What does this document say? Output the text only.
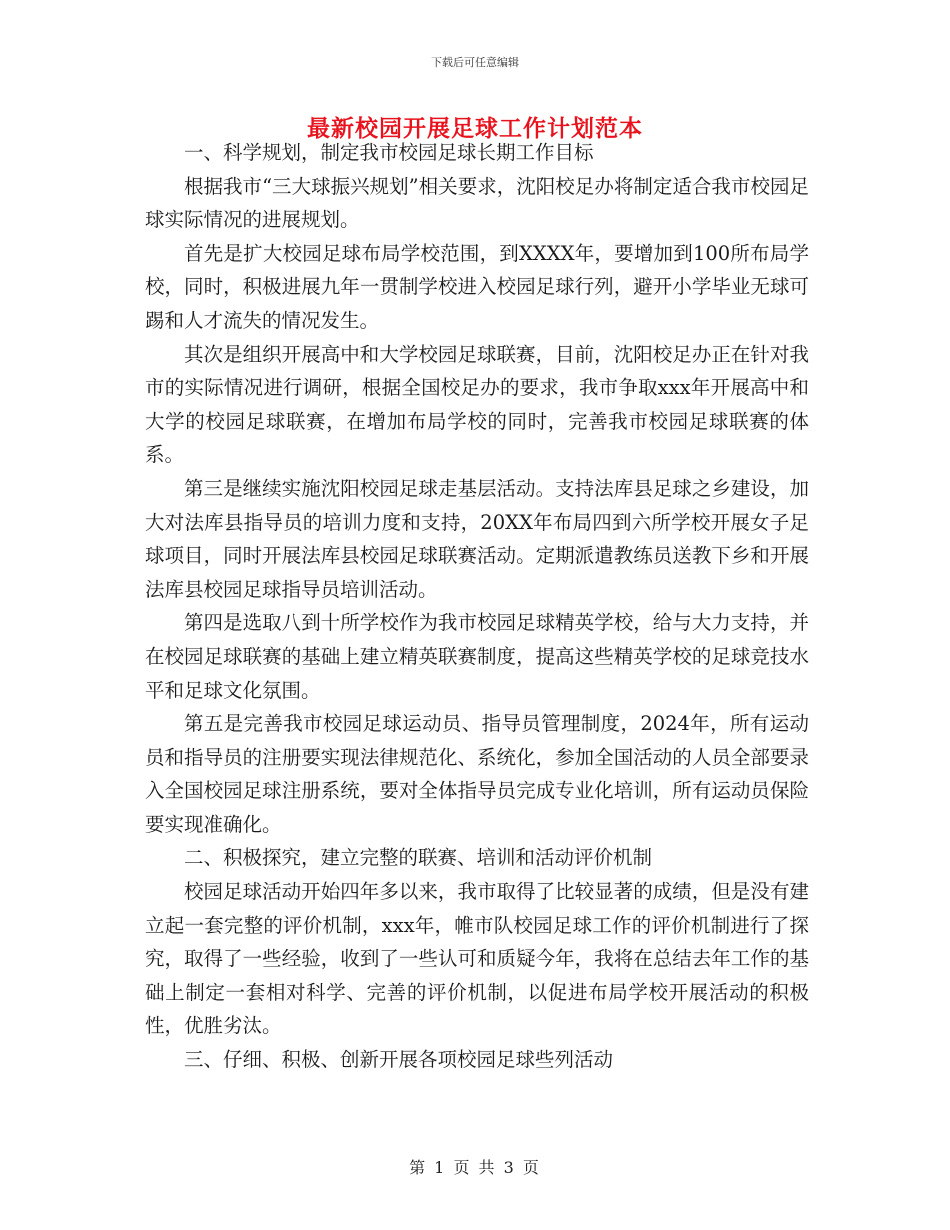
下载后可任意编辑
最新校园开展足球工作计划范本

一、科学规划，制定我市校园足球长期工作目标

根据我市“三大球振兴规划”相关要求，沈阳校足办将制定适合我市校园足球实际情况的进展规划。

首先是扩大校园足球布局学校范围，到XXXX年，要增加到100所布局学校，同时，积极进展九年一贯制学校进入校园足球行列，避开小学毕业无球可踢和人才流失的情况发生。

其次是组织开展高中和大学校园足球联赛，目前，沈阳校足办正在针对我市的实际情况进行调研，根据全国校足办的要求，我市争取xxx年开展高中和大学的校园足球联赛，在增加布局学校的同时，完善我市校园足球联赛的体系。

第三是继续实施沈阳校园足球走基层活动。支持法库县足球之乡建设，加大对法库县指导员的培训力度和支持，20XX年布局四到六所学校开展女子足球项目，同时开展法库县校园足球联赛活动。定期派遣教练员送教下乡和开展法库县校园足球指导员培训活动。

第四是选取八到十所学校作为我市校园足球精英学校，给与大力支持，并在校园足球联赛的基础上建立精英联赛制度，提高这些精英学校的足球竞技水平和足球文化氛围。

第五是完善我市校园足球运动员、指导员管理制度，2024年，所有运动员和指导员的注册要实现法律规范化、系统化，参加全国活动的人员全部要录入全国校园足球注册系统，要对全体指导员完成专业化培训，所有运动员保险要实现准确化。

二、积极探究，建立完整的联赛、培训和活动评价机制

校园足球活动开始四年多以来，我市取得了比较显著的成绩，但是没有建立起一套完整的评价机制，xxx年，帷市队校园足球工作的评价机制进行了探究，取得了一些经验，收到了一些认可和质疑今年，我将在总结去年工作的基础上制定一套相对科学、完善的评价机制，以促进布局学校开展活动的积极性，优胜劣汰。

三、仔细、积极、创新开展各项校园足球些列活动

第 1 页 共 3 页
